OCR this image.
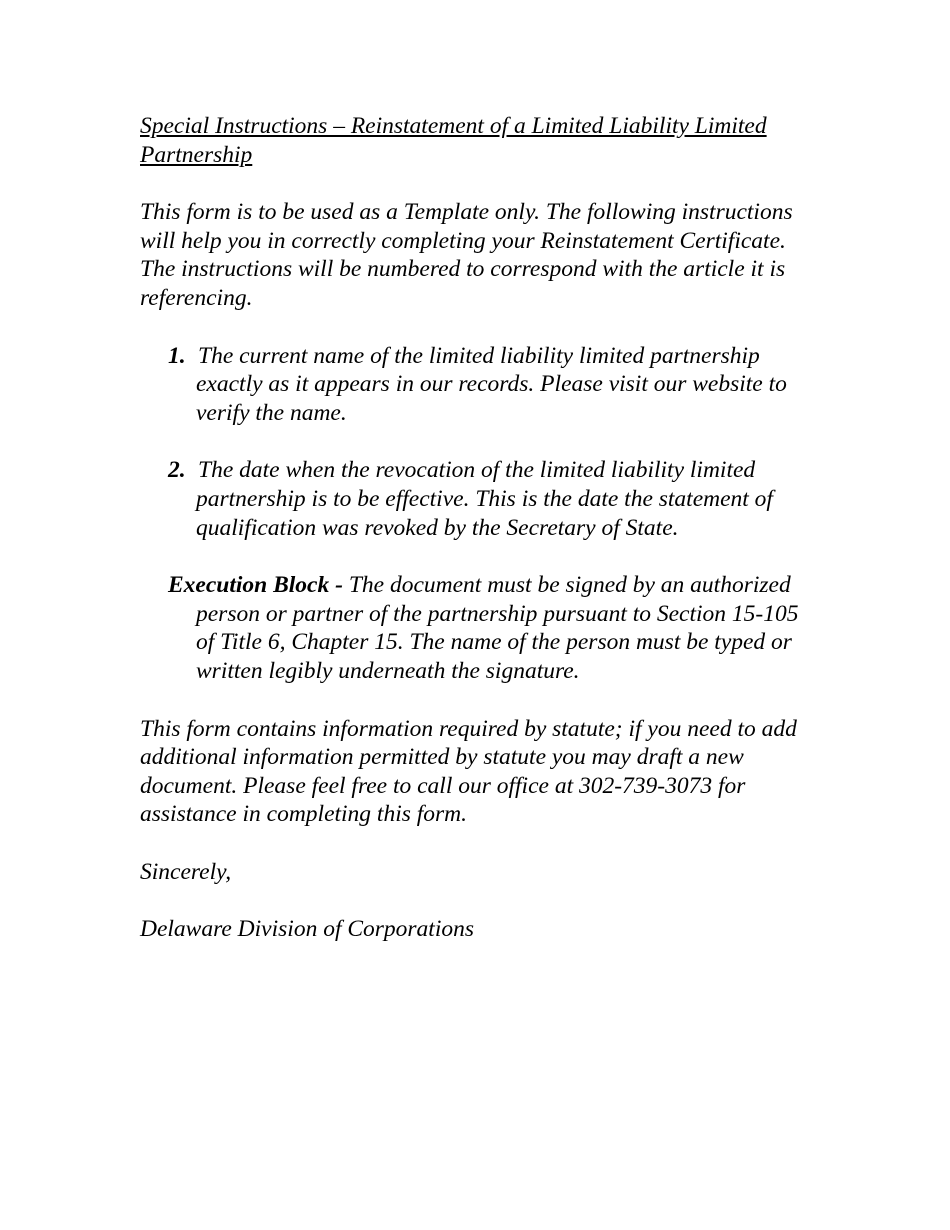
Special Instructions – Reinstatement of a Limited Liability Limited Partnership
This form is to be used as a Template only. The following instructions will help you in correctly completing your Reinstatement Certificate. The instructions will be numbered to correspond with the article it is referencing.
1. The current name of the limited liability limited partnership exactly as it appears in our records. Please visit our website to verify the name.
2. The date when the revocation of the limited liability limited partnership is to be effective. This is the date the statement of qualification was revoked by the Secretary of State.
Execution Block - The document must be signed by an authorized person or partner of the partnership pursuant to Section 15-105 of Title 6, Chapter 15. The name of the person must be typed or written legibly underneath the signature.
This form contains information required by statute; if you need to add additional information permitted by statute you may draft a new document. Please feel free to call our office at 302-739-3073 for assistance in completing this form.
Sincerely,
Delaware Division of Corporations
